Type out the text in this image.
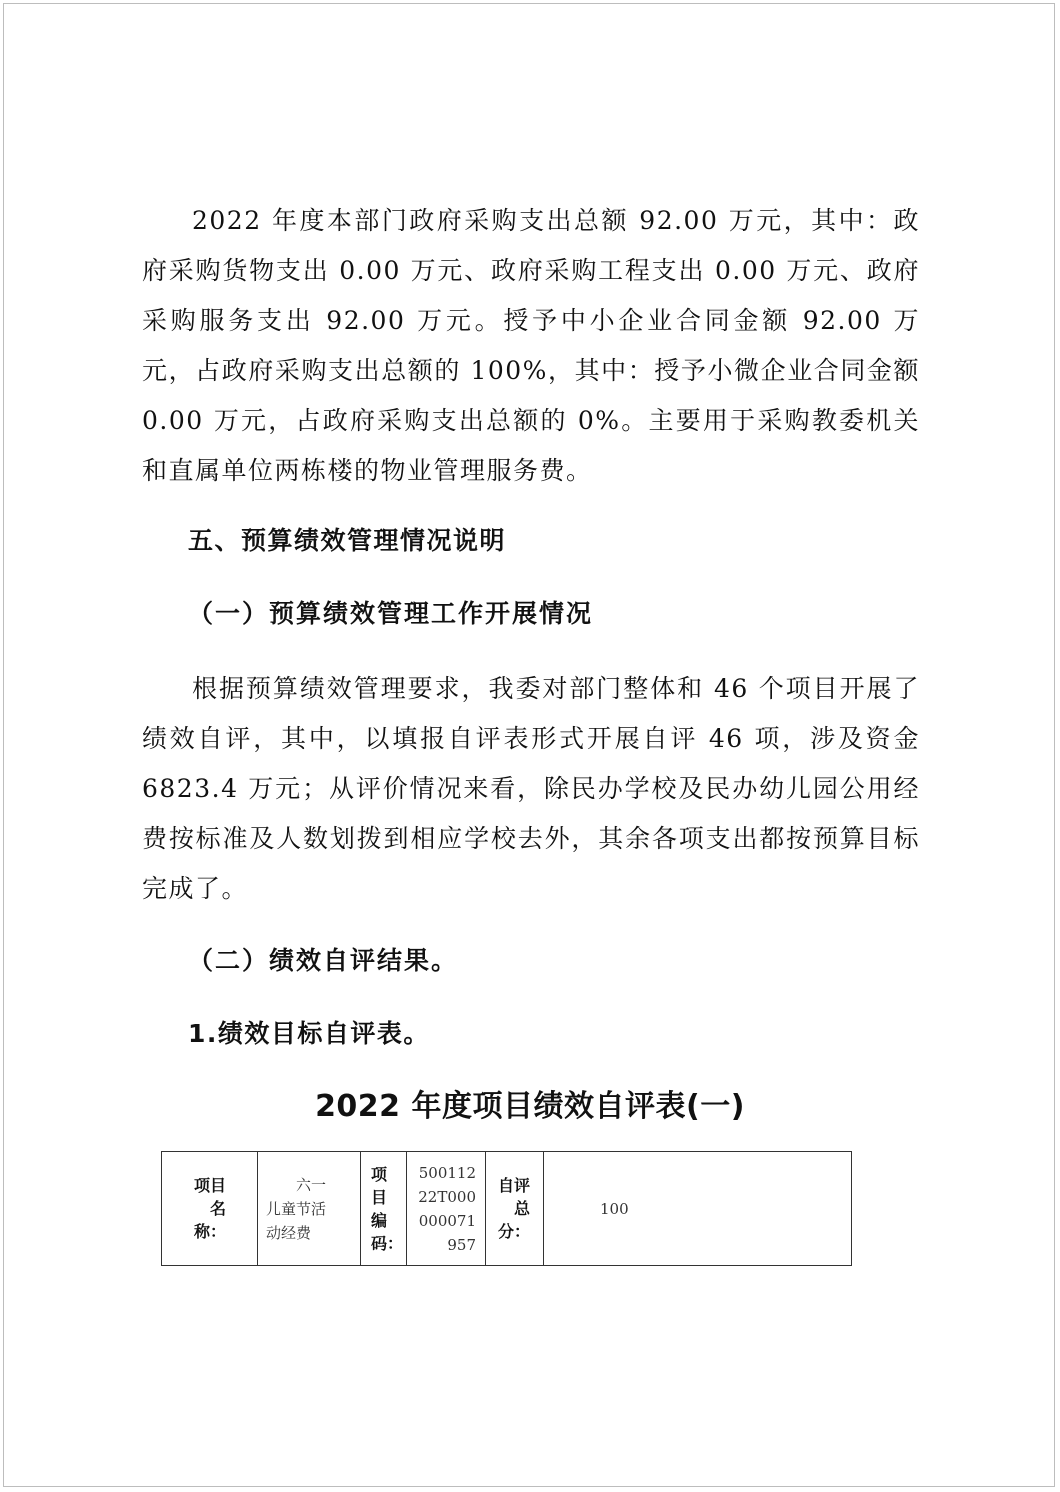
2022 年度本部门政府采购支出总额 92.00 万元，其中：政府采购货物支出 0.00 万元、政府采购工程支出 0.00 万元、政府采购服务支出 92.00 万元。授予中小企业合同金额 92.00 万元，占政府采购支出总额的 100%，其中：授予小微企业合同金额 0.00 万元，占政府采购支出总额的 0%。主要用于采购教委机关和直属单位两栋楼的物业管理服务费。

五、预算绩效管理情况说明
（一）预算绩效管理工作开展情况

根据预算绩效管理要求，我委对部门整体和 46 个项目开展了绩效自评，其中，以填报自评表形式开展自评 46 项，涉及资金 6823.4 万元；从评价情况来看，除民办学校及民办幼儿园公用经费按标准及人数划拨到相应学校去外，其余各项支出都按预算目标完成了。

（二）绩效自评结果。
1.绩效目标自评表。
2022 年度项目绩效自评表(一)
项目名称：

六一儿童节活动经费

项目编码：

50011222T000000071957

自评总分：

100
